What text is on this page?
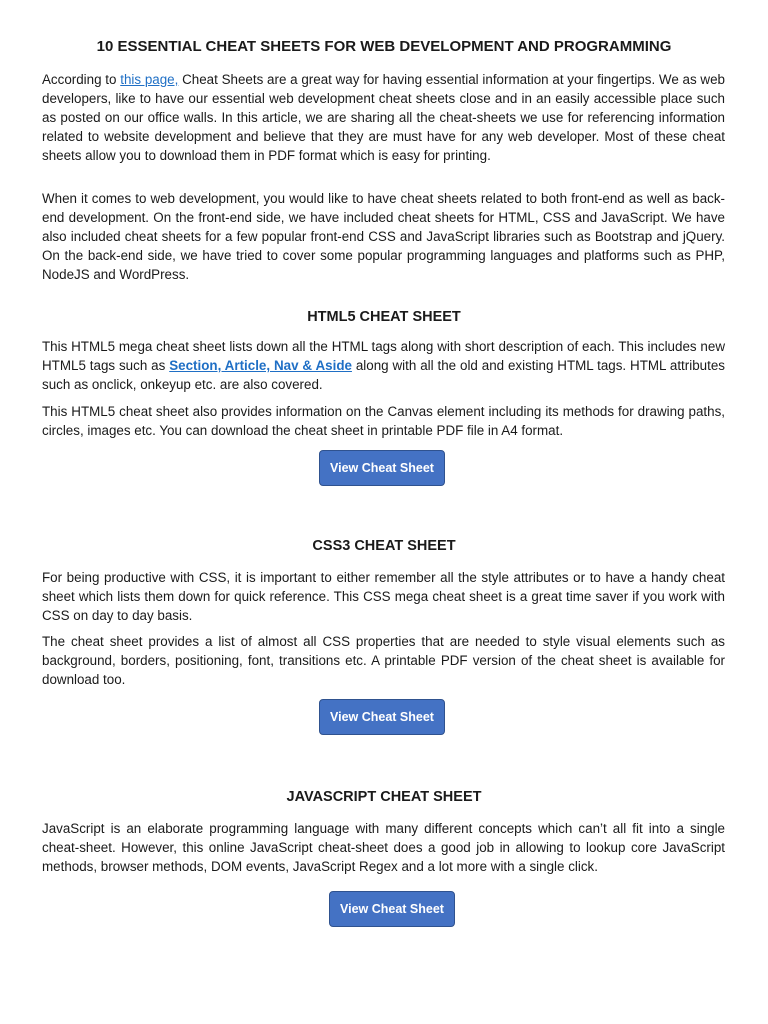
10 ESSENTIAL CHEAT SHEETS FOR WEB DEVELOPMENT AND PROGRAMMING

According to this page, Cheat Sheets are a great way for having essential information at your fingertips. We as web developers, like to have our essential web development cheat sheets close and in an easily accessible place such as posted on our office walls. In this article, we are sharing all the cheat-sheets we use for referencing information related to website development and believe that they are must have for any web developer. Most of these cheat sheets allow you to download them in PDF format which is easy for printing.

When it comes to web development, you would like to have cheat sheets related to both front-end as well as back-end development. On the front-end side, we have included cheat sheets for HTML, CSS and JavaScript. We have also included cheat sheets for a few popular front-end CSS and JavaScript libraries such as Bootstrap and jQuery. On the back-end side, we have tried to cover some popular programming languages and platforms such as PHP, NodeJS and WordPress.

HTML5 CHEAT SHEET

This HTML5 mega cheat sheet lists down all the HTML tags along with short description of each. This includes new HTML5 tags such as Section, Article, Nav & Aside along with all the old and existing HTML tags. HTML attributes such as onclick, onkeyup etc. are also covered.

This HTML5 cheat sheet also provides information on the Canvas element including its methods for drawing paths, circles, images etc. You can download the cheat sheet in printable PDF file in A4 format.

View Cheat Sheet
CSS3 CHEAT SHEET

For being productive with CSS, it is important to either remember all the style attributes or to have a handy cheat sheet which lists them down for quick reference. This CSS mega cheat sheet is a great time saver if you work with CSS on day to day basis.

The cheat sheet provides a list of almost all CSS properties that are needed to style visual elements such as background, borders, positioning, font, transitions etc. A printable PDF version of the cheat sheet is available for download too.

View Cheat Sheet
JAVASCRIPT CHEAT SHEET

JavaScript is an elaborate programming language with many different concepts which can’t all fit into a single cheat-sheet. However, this online JavaScript cheat-sheet does a good job in allowing to lookup core JavaScript methods, browser methods, DOM events, JavaScript Regex and a lot more with a single click.

View Cheat Sheet
